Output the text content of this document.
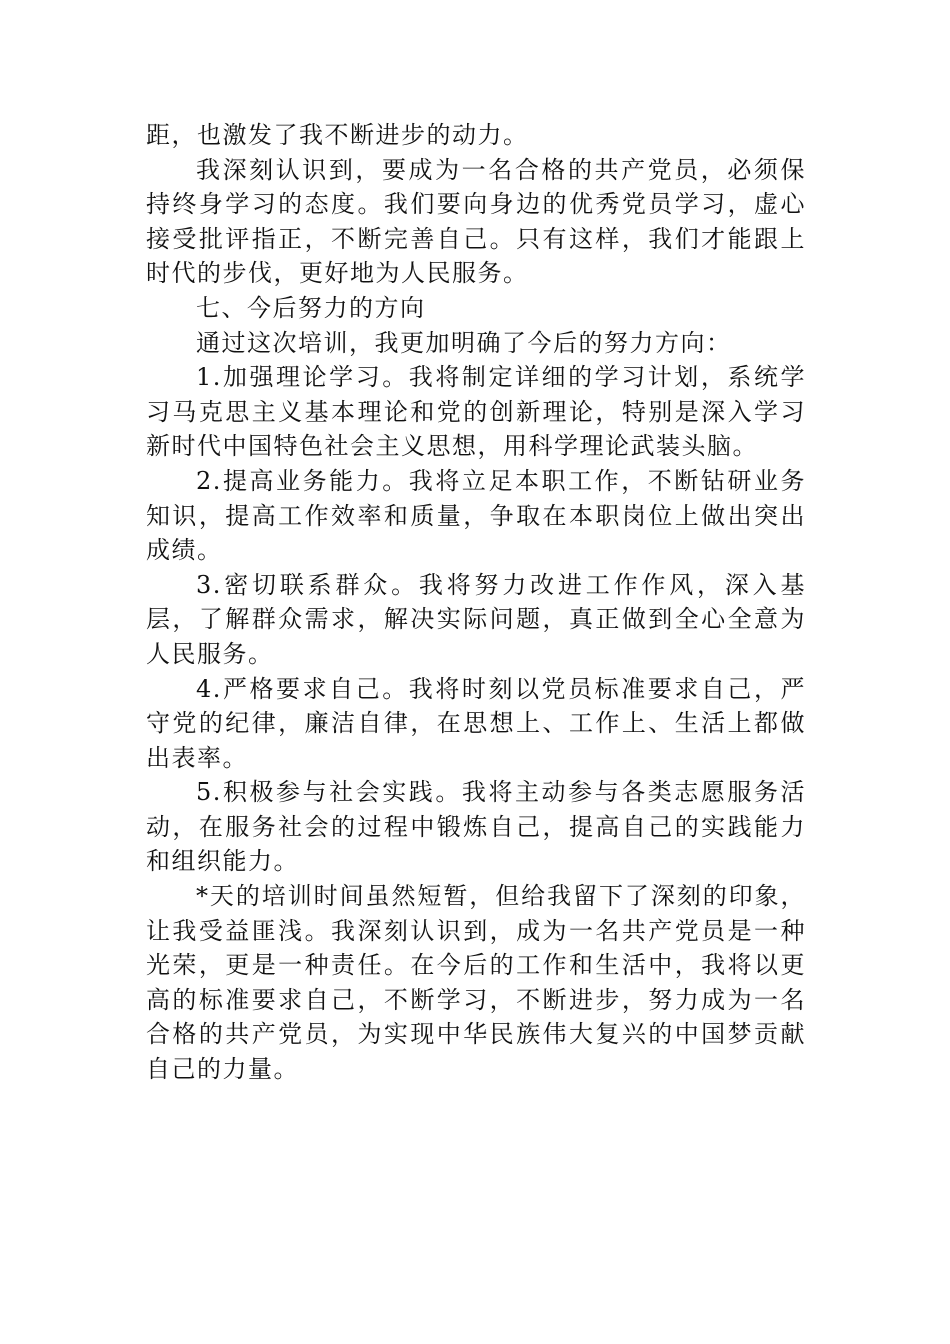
距，也激发了我不断进步的动力。

我深刻认识到，要成为一名合格的共产党员，必须保持终身学习的态度。我们要向身边的优秀党员学习，虚心接受批评指正，不断完善自己。只有这样，我们才能跟上时代的步伐，更好地为人民服务。

七、今后努力的方向

通过这次培训，我更加明确了今后的努力方向：

1.加强理论学习。我将制定详细的学习计划，系统学习马克思主义基本理论和党的创新理论，特别是深入学习新时代中国特色社会主义思想，用科学理论武装头脑。

2.提高业务能力。我将立足本职工作，不断钻研业务知识，提高工作效率和质量，争取在本职岗位上做出突出成绩。

3.密切联系群众。我将努力改进工作作风，深入基层，了解群众需求，解决实际问题，真正做到全心全意为人民服务。

4.严格要求自己。我将时刻以党员标准要求自己，严守党的纪律，廉洁自律，在思想上、工作上、生活上都做出表率。

5.积极参与社会实践。我将主动参与各类志愿服务活动，在服务社会的过程中锻炼自己，提高自己的实践能力和组织能力。

*天的培训时间虽然短暂，但给我留下了深刻的印象，让我受益匪浅。我深刻认识到，成为一名共产党员是一种光荣，更是一种责任。在今后的工作和生活中，我将以更高的标准要求自己，不断学习，不断进步，努力成为一名合格的共产党员，为实现中华民族伟大复兴的中国梦贡献自己的力量。
